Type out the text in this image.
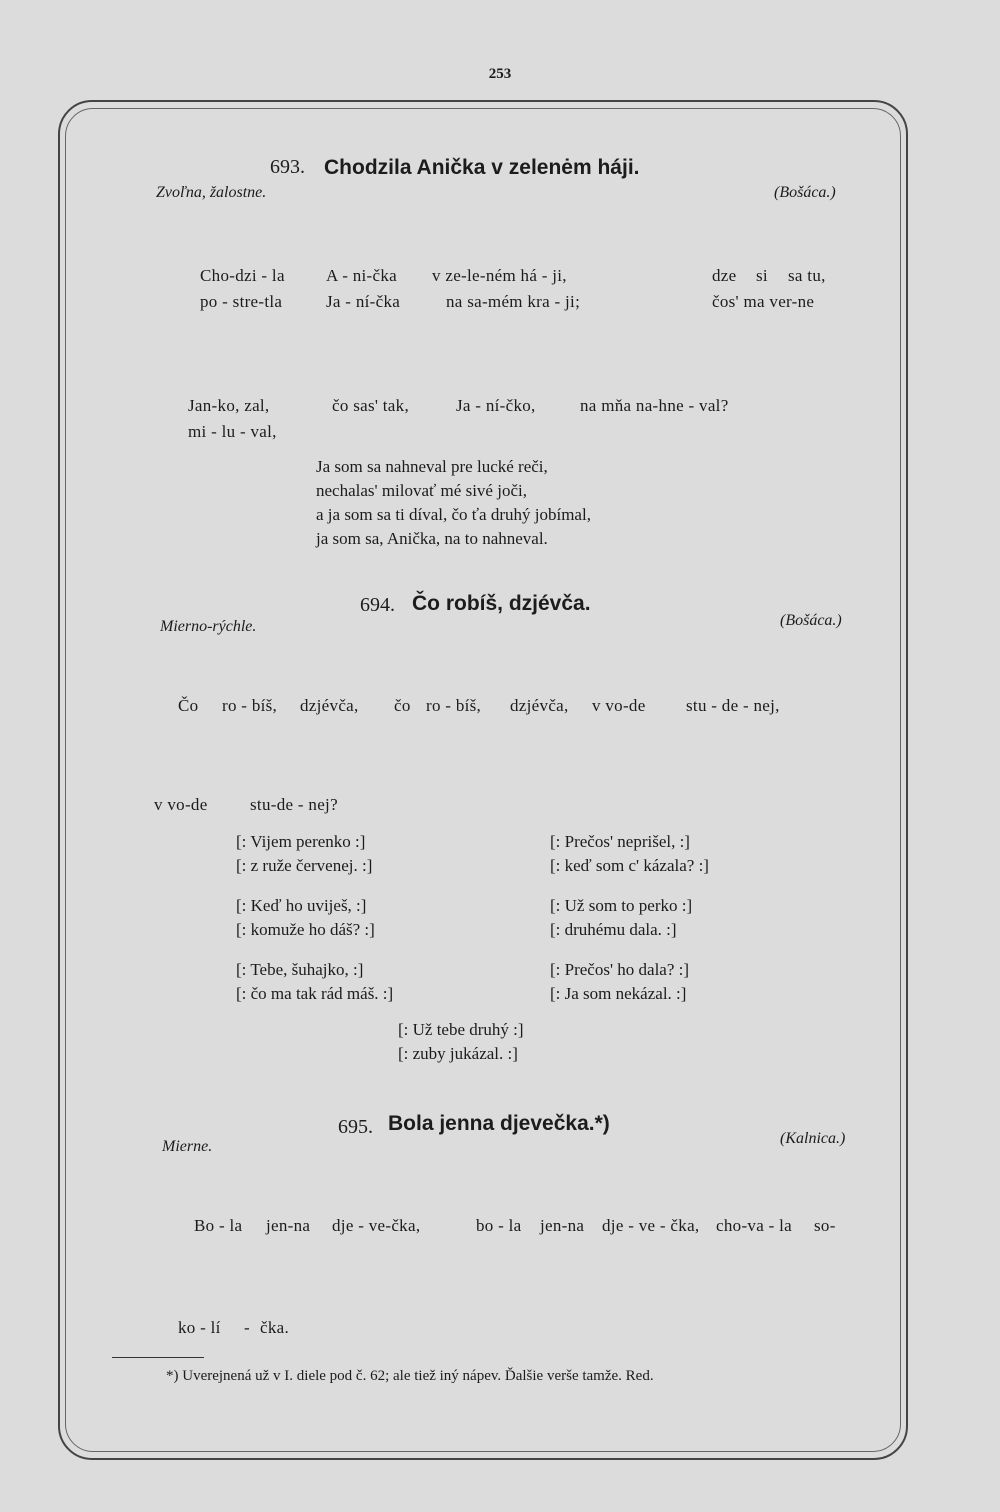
253
693. Chodzila Anička v zelenėm háji.
Zvoľna, žalostne.	(Bošáca.)
Cho-dzi - la A - ni-čka v ze-le-ném há - ji,	dze si sa tu,
po - stre-tla	Ja - ní-čka	na sa-mém kra - ji;	čos' ma ver-ne
Jan-ko, zal,	čo sas' tak,	Ja - ní-čko,	na mňa na-hne - val?
mi - lu - val,
Ja som sa nahneval pre lucké reči,
nechalas' milovať mé sivé joči,
a ja som sa ti díval, čo ťa druhý jobímal,
ja som sa, Anička, na to nahneval.
694. Čo robíš, dzjévča.
Mierno-rýchle.	(Bošáca.)
Čo ro - bíš, dzjévča, čo ro - bíš, dzjévča, v vo-de stu - de - nej,
v vo-de stu-de - nej?
[: Vijem perenko :]
[: z ruže červenej. :]
[: Keď ho uviješ, :]
[: komuže ho dáš? :]
[: Tebe, šuhajko, :]
[: čo ma tak rád máš. :]
[: Prečos' neprišel, :]
[: keď som c' kázala? :]
[: Už som to perko :]
[: druhému dala. :]
[: Prečos' ho dala? :]
[: Ja som nekázal. :]
[: Už tebe druhý :]
[: zuby jukázal. :]
695. Bola jenna djevečka.*)
Mierne.	(Kalnica.)
Bo - la jen-na dje - ve-čka,	bo - la jen-na dje - ve - čka, cho-va - la so-
ko - lí - čka.
*) Uverejnená už v I. diele pod č. 62; ale tiež iný nápev. Ďalšie verše tamže. Red.
